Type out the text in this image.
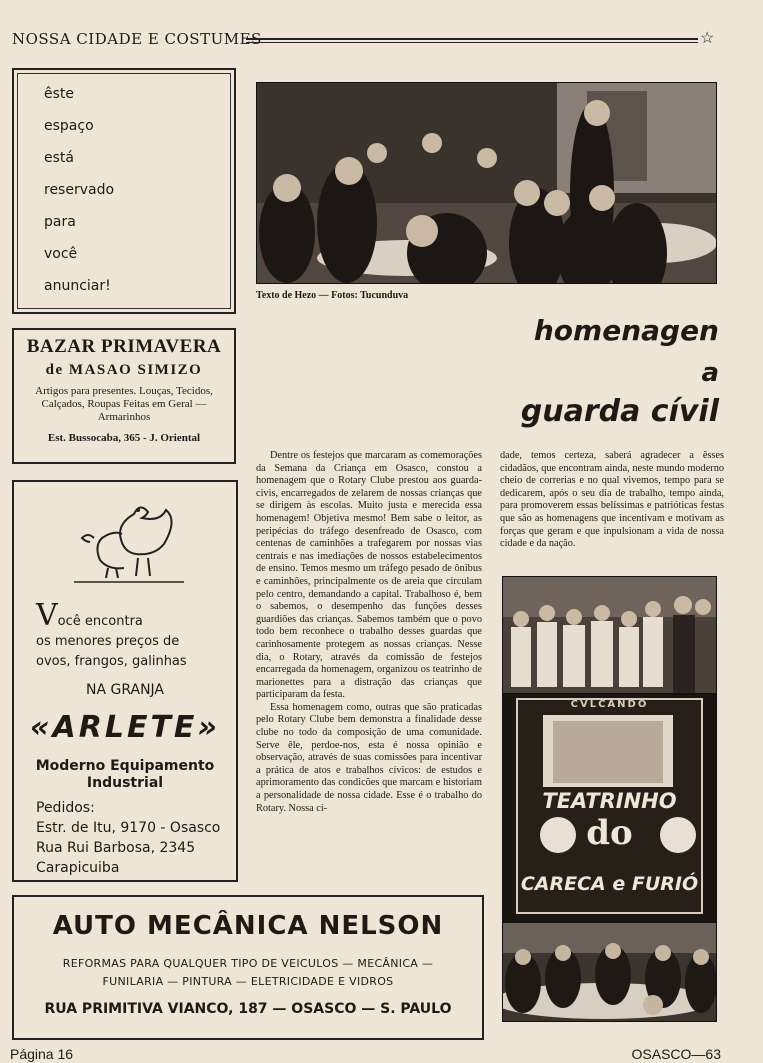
NOSSA CIDADE E COSTUMES	☆
êste
espaço
está
reservado
para
você
anunciar!
BAZAR PRIMAVERA
de MASAO SIMIZO
Artigos para presentes. Louças, Tecidos, Calçados, Roupas Feitas em Geral — Armarinhos
Est. Bussocaba, 365 - J. Oriental
Você encontra
os menores preços de
ovos, frangos, galinhas
NA GRANJA
«ARLETE»
Moderno Equipamento
Industrial
Pedidos:
Estr. de Itu, 9170 - Osasco
Rua Rui Barbosa, 2345
Carapicuiba
AUTO MECÂNICA NELSON
REFORMAS PARA QUALQUER TIPO DE VEICULOS — MECÂNICA —
FUNILARIA — PINTURA — ELETRICIDADE E VIDROS
RUA PRIMITIVA VIANCO, 187 — OSASCO — S. PAULO
Texto de Hezo — Fotos: Tucunduva
homenagen
a
guarda cívil

Dentre os festejos que marcaram as comemorações da Semana da Criança em Osasco, constou a homenagem que o Rotary Clube prestou aos guarda-civis, encarregados de zelarem de nossas crianças que se dirigem às escolas. Muito justa e merecida essa homenagem! Objetiva mesmo! Bem sabe o leitor, as peripécias do tráfego desenfreado de Osasco, com centenas de caminhões a trafegarem por nossas vias centrais e nas imediações de nossos estabelecimentos de ensino. Temos mesmo um tráfego pesado de ônibus e caminhões, principalmente os de areia que circulam pelo centro, demandando a capital. Trabalhoso é, bem o sabemos, o desempenho das funções desses guardiões das crianças. Sabemos também que o povo todo bem reconhece o trabalho desses guardas que carinhosamente protegem as nossas crianças. Nesse dia, o Rotary, através da comissão de festejos encarregada da homenagem, organizou os teatrinho de marionettes para a distração das crianças que participaram da festa.

Essa homenagem como, outras que são praticadas pelo Rotary Clube bem demonstra a finalidade desse clube no todo da composição de uma comunidade. Serve êle, perdoe-nos, esta é nossa opinião e observação, através de suas comissões para incentivar a prática de atos e trabalhos cívicos: de estudos e aprimoramento das condicões que marcam e historiam a personalidade de nossa cidade. Esse é o trabalho do Rotary. Nossa ci-

dade, temos certeza, saberá agradecer a êsses cidadãos, que encontram ainda, neste mundo moderno cheio de correrias e no qual vivemos, tempo para se dedicarem, após o seu dia de trabalho, tempo ainda, para promoverem essas belíssimas e patrióticas festas que são as homenagens que incentivam e motivam as forças que geram e que inpulsionam a vida de nossa cidade e da nação.

CVLCANDO
TEATRINHO
do
CARECA e FURIÓ
Página 16	OSASCO—63
